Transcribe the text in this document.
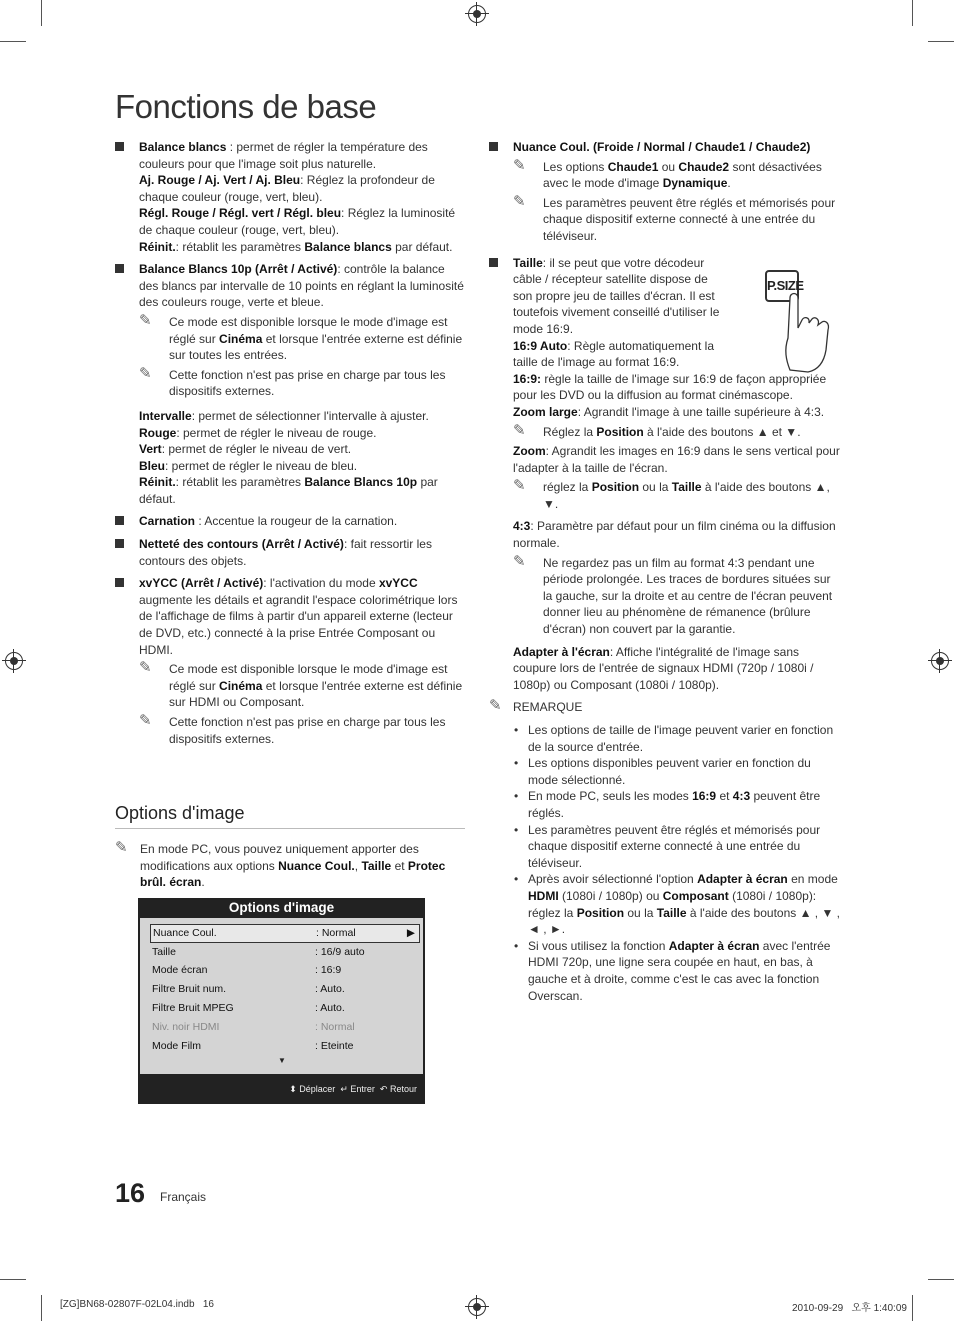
Fonctions de base

Balance blancs : permet de régler la température des couleurs pour que l'image soit plus naturelle.

Aj. Rouge / Aj. Vert / Aj. Bleu: Réglez la profondeur de chaque couleur (rouge, vert, bleu).

Régl. Rouge / Régl. vert / Régl. bleu: Réglez la luminosité de chaque couleur (rouge, vert, bleu).

Réinit.: rétablit les paramètres Balance blancs par défaut.

Balance Blancs 10p (Arrêt / Activé): contrôle la balance des blancs par intervalle de 10 points en réglant la luminosité des couleurs rouge, verte et bleue.

✎ Ce mode est disponible lorsque le mode d'image est réglé sur Cinéma et lorsque l'entrée externe est définie sur toutes les entrées.
✎ Cette fonction n'est pas prise en charge par tous les dispositifs externes.

Intervalle: permet de sélectionner l'intervalle à ajuster.

Rouge: permet de régler le niveau de rouge.

Vert: permet de régler le niveau de vert.

Bleu: permet de régler le niveau de bleu.

Réinit.: rétablit les paramètres Balance Blancs 10p par défaut.

Carnation : Accentue la rougeur de la carnation.

Netteté des contours (Arrêt / Activé): fait ressortir les contours des objets.

xvYCC (Arrêt / Activé): l'activation du mode xvYCC augmente les détails et agrandit l'espace colorimétrique lors de l'affichage de films à partir d'un appareil externe (lecteur de DVD, etc.) connecté à la prise Entrée Composant ou HDMI.

✎ Ce mode est disponible lorsque le mode d'image est réglé sur Cinéma et lorsque l'entrée externe est définie sur HDMI ou Composant.
✎ Cette fonction n'est pas prise en charge par tous les dispositifs externes.
Options d'image
✎ En mode PC, vous pouvez uniquement apporter des modifications aux options Nuance Coul., Taille et Protec brûl. écran.
Options d'image
Nuance Coul.	: Normal	▶
Taille	: 16/9 auto
Mode écran	: 16:9
Filtre Bruit num.	: Auto.
Filtre Bruit MPEG	: Auto.
Niv. noir HDMI	: Normal
Mode Film	: Eteinte
▼
⬍ Déplacer ↵ Entrer ↶ Retour

Nuance Coul. (Froide / Normal / Chaude1 / Chaude2)

✎ Les options Chaude1 ou Chaude2 sont désactivées avec le mode d'image Dynamique.
✎ Les paramètres peuvent être réglés et mémorisés pour chaque dispositif externe connecté à une entrée du téléviseur.

Taille: il se peut que votre décodeur câble / récepteur satellite dispose de son propre jeu de tailles d'écran. Il est toutefois vivement conseillé d'utiliser le mode 16:9.

16:9 Auto: Règle automatiquement la taille de l'image au format 16:9.

16:9: règle la taille de l'image sur 16:9 de façon appropriée pour les DVD ou la diffusion au format cinémascope.

Zoom large: Agrandit l'image à une taille supérieure à 4:3.

✎ Réglez la Position à l'aide des boutons ▲ et ▼.

Zoom: Agrandit les images en 16:9 dans le sens vertical pour l'adapter à la taille de l'écran.

✎ réglez la Position ou la Taille à l'aide des boutons ▲, ▼.

4:3: Paramètre par défaut pour un film cinéma ou la diffusion normale.

✎ Ne regardez pas un film au format 4:3 pendant une période prolongée. Les traces de bordures situées sur la gauche, sur la droite et au centre de l'écran peuvent donner lieu au phénomène de rémanence (brûlure d'écran) non couvert par la garantie.

Adapter à l'écran: Affiche l'intégralité de l'image sans coupure lors de l'entrée de signaux HDMI (720p / 1080i / 1080p) ou Composant (1080i / 1080p).

✎ REMARQUE

• Les options de taille de l'image peuvent varier en fonction de la source d'entrée.

• Les options disponibles peuvent varier en fonction du mode sélectionné.

• En mode PC, seuls les modes 16:9 et 4:3 peuvent être réglés.

• Les paramètres peuvent être réglés et mémorisés pour chaque dispositif externe connecté à une entrée du téléviseur.

• Après avoir sélectionné l'option Adapter à écran en mode HDMI (1080i / 1080p) ou Composant (1080i / 1080p): réglez la Position ou la Taille à l'aide des boutons ▲ , ▼ , ◄ , ►.

• Si vous utilisez la fonction Adapter à écran avec l'entrée HDMI 720p, une ligne sera coupée en haut, en bas, à gauche et à droite, comme c'est le cas avec la fonction Overscan.

P.SIZE
16 Français
[ZG]BN68-02807F-02L04.indb   16	2010-09-29   오후 1:40:09
